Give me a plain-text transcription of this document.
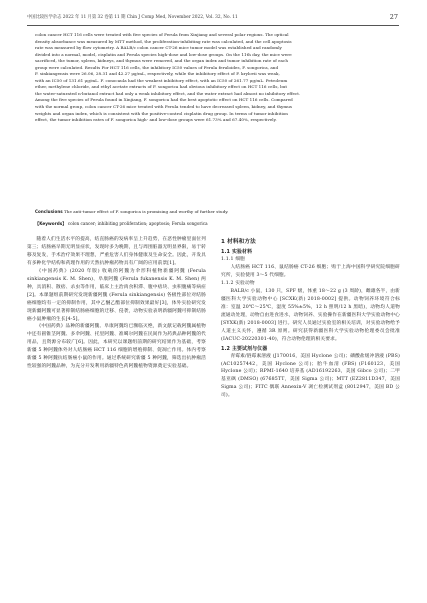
中国比较医学杂志 2022 年 11 月第 32 卷第 11 期 Chin J Comp Med, November 2022, Vol. 32, No. 11	27

colon cancer HCT 116 cells were treated with five species of Ferula from Xinjiang and several polar regions. The optical

density absorbance was measured by MTT method, the proliferation-inhibiting rate was calculated, and the cell apoptosis

rate was measured by flow cytometry. A BALB/c colon cancer CT-26 mice tumor model was established and randomly

divided into a normal, model, cisplatin and Ferula species high-dose and low-dose groups. On the 11th day, the mice were

sacrificed, the tumor, spleen, kidneys, and thymus were removed, and the organ index and tumor inhibition rate of each

group were calculated. Results For HCT 116 cells, the inhibitory IC50 values of Ferula feruloides, F. songorica, and

F. sinkiangensis were 26.06, 28.31 and 42.27 μg/mL, respectively, while the inhibitory effect of F. krylovii was weak,

with an IC50 of 131.61 μg/mL. F. conocaula had the weakest inhibitory effect, with an IC50 of 261.77 μg/mL. Petroleum

ether, methylene chloride, and ethyl acetate extracts of F. songorica had obvious inhibitory effect on HCT 116 cells, but

the water-saturated n-butanol extract had only a weak inhibitory effect, and the water extract had almost no inhibitory effect.

Among the five species of Ferula found in Xinjiang, F. songorica had the best apoptotic effect on HCT 116 cells. Compared

with the normal group, colon cancer CT-26 mice treated with Ferula tended to have decreased spleen, kidney, and thymus

weights and organ index, which is consistent with the positive-control cisplatin drug group. In terms of tumor inhibition

effect, the tumor inhibition rates of F. songorica high- and low-dose groups were 61.73% and 67.40%, respectively.

Conclusions The anti-tumor effect of F. songorica is promising and worthy of further study.
【Keywords】 colon cancer; inhibiting proliferation; apoptosis; Ferula songorica

随着人们生活水平的提高，结直肠癌的发病率呈上升趋势，在恶性肿瘤里面位列第三；结肠癌早期无明显症状，发现时多为晚期，且与周围脏器无明显界限，易于转移及复发，手术治疗效果不理想，严重危害人们身体健康及生命安全。因此，开发具有多种化学结构和药理作用的天然抗肿瘤药物具有广阔的应用前景[1]。

《中国药典》(2020 年版) 收载的阿魏为伞形科植物新疆阿魏 (Ferula sinkiangensis K. M. Shen)、阜康阿魏 (Ferula fukanensis K. M. Shen) 两种，具消积、散痞、杀虫等作用，临床上主治肉食积滞、腹中痞块、虫积腹痛等病症[2]。本课题组前期研究发现新疆阿魏 (Ferula sinkiangensis) 各极性部位对结肠癌细胞均有一定的抑制作用，其中乙醚乙酯部位抑制效果最好[3]，体外实验研究发现新疆阿魏可显著抑制结肠癌细胞的迁移、侵袭，动物实验表明新疆阿魏可抑制结肠癌小鼠肿瘤的生长[4-5]。

《中国药典》品种的新疆阿魏、阜康阿魏均已濒临灭绝，新文献记载阿魏属植物中还有圆锥茎阿魏、多伞阿魏、托里阿魏、准噶尔阿魏在民间作为药典品种阿魏的代用品，且资源分布较广[6]。因此，本研究以课题组前期的研究结果作为基础，考察新疆 5 种阿魏体外对人结肠癌 HCT 116 细胞的增殖抑制、促凋亡作用。体内考察新疆 5 种阿魏抗结肠癌小鼠的作用。通过系统研究新疆 5 种阿魏，筛选出抗肿瘤活性较强的阿魏品种，为充分开发利用新疆特色药阿魏植物资源奠定实验基础。

1 材料和方法

1.1 实验材料

1.1.1 细胞

人结肠癌 HCT 116、鼠结肠癌 CT-26 细胞；购于上海中国科学研究院细胞研究所，实验使用 3～5 代细胞。

1.1.2 实验动物

BALB/c 小鼠，130 只，SPF 级，体重 18～22 g (3 周龄)，雌雄各半，由新疆医科大学实验动物中心 [SCXK(新) 2018-0002] 提供。动物饲养环境符合标准：室温 20℃～25℃，湿度 55%±5%，12 h 照明/12 h 黑暗)，动物均人道物流通动处理，动物自由进食进水，动物饲养、实验操作在新疆医科大学实验动物中心 [SYXK(新) 2018-0003] 进行。研究人员通过实验室的相关培训，对实验动物给予人道主义关怀，遵循 3R 原则。研究获得新疆医科大学实验动物伦理委员会批准 (IACUC-20220301-40)，符合动物伦理的相关要求。

1.2 主要试剂与仪器

青霉素/链霉素溶液 (J170016，美国 Hyclone 公司)；磷酸盐缓冲溶液 (PBS) (AC10257442，美国 Hyclone 公司)；胎牛血清 (FBS) (F160123，美国 Hyclone 公司)；RPMI-1640 培养基 (AD16192263，美国 Gibco 公司)；二甲基亚砜 (DMSO) (67685TT，美国 Sigma 公司)；MTT (EZ2811D347，美国 Sigma 公司)；FITC 偶联 Annexin-V 凋亡检测试剂盒 (8012947，美国 BD 公司)。
